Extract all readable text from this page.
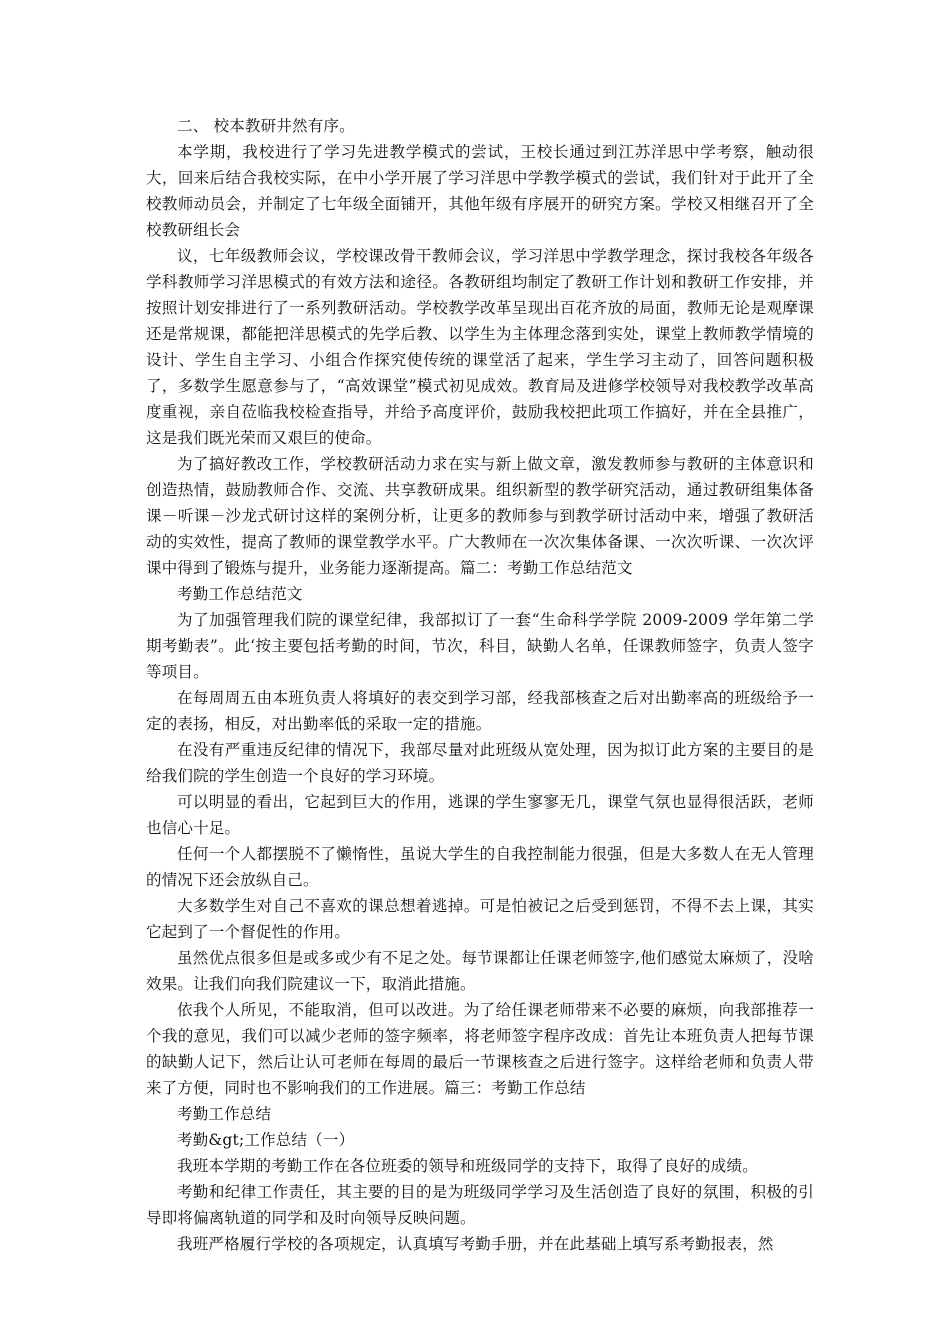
二、 校本教研井然有序。

本学期，我校进行了学习先进教学模式的尝试，王校长通过到江苏洋思中学考察，触动很大，回来后结合我校实际，在中小学开展了学习洋思中学教学模式的尝试，我们针对于此开了全校教师动员会，并制定了七年级全面铺开，其他年级有序展开的研究方案。学校又相继召开了全校教研组长会

议，七年级教师会议，学校课改骨干教师会议，学习洋思中学教学理念，探讨我校各年级各学科教师学习洋思模式的有效方法和途径。各教研组均制定了教研工作计划和教研工作安排，并按照计划安排进行了一系列教研活动。学校教学改革呈现出百花齐放的局面，教师无论是观摩课还是常规课，都能把洋思模式的先学后教、以学生为主体理念落到实处，课堂上教师教学情境的设计、学生自主学习、小组合作探究使传统的课堂活了起来，学生学习主动了，回答问题积极了，多数学生愿意参与了，“高效课堂”模式初见成效。教育局及进修学校领导对我校教学改革高度重视，亲自莅临我校检查指导，并给予高度评价，鼓励我校把此项工作搞好，并在全县推广，这是我们既光荣而又艰巨的使命。

为了搞好教改工作，学校教研活动力求在实与新上做文章，激发教师参与教研的主体意识和创造热情，鼓励教师合作、交流、共享教研成果。组织新型的教学研究活动，通过教研组集体备课－听课－沙龙式研讨这样的案例分析，让更多的教师参与到教学研讨活动中来，增强了教研活动的实效性，提高了教师的课堂教学水平。广大教师在一次次集体备课、一次次听课、一次次评课中得到了锻炼与提升，业务能力逐渐提高。篇二：考勤工作总结范文

考勤工作总结范文

为了加强管理我们院的课堂纪律，我部拟订了一套“生命科学学院 2009-2009 学年第二学期考勤表”。此‘按主要包括考勤的时间，节次，科目，缺勤人名单，任课教师签字，负责人签字等项目。

在每周周五由本班负责人将填好的表交到学习部，经我部核查之后对出勤率高的班级给予一定的表扬，相反，对出勤率低的采取一定的措施。

在没有严重违反纪律的情况下，我部尽量对此班级从宽处理，因为拟订此方案的主要目的是给我们院的学生创造一个良好的学习环境。

可以明显的看出，它起到巨大的作用，逃课的学生寥寥无几，课堂气氛也显得很活跃，老师也信心十足。

任何一个人都摆脱不了懒惰性，虽说大学生的自我控制能力很强，但是大多数人在无人管理的情况下还会放纵自己。

大多数学生对自己不喜欢的课总想着逃掉。可是怕被记之后受到惩罚，不得不去上课，其实它起到了一个督促性的作用。

虽然优点很多但是或多或少有不足之处。每节课都让任课老师签字,他们感觉太麻烦了，没啥效果。让我们向我们院建议一下，取消此措施。

依我个人所见，不能取消，但可以改进。为了给任课老师带来不必要的麻烦，向我部推荐一个我的意见，我们可以减少老师的签字频率，将老师签字程序改成：首先让本班负责人把每节课的缺勤人记下，然后让认可老师在每周的最后一节课核查之后进行签字。这样给老师和负责人带来了方便，同时也不影响我们的工作进展。篇三：考勤工作总结

考勤工作总结

考勤&gt;工作总结（一）

我班本学期的考勤工作在各位班委的领导和班级同学的支持下，取得了良好的成绩。

考勤和纪律工作责任，其主要的目的是为班级同学学习及生活创造了良好的氛围，积极的引导即将偏离轨道的同学和及时向领导反映问题。

我班严格履行学校的各项规定，认真填写考勤手册，并在此基础上填写系考勤报表，然
